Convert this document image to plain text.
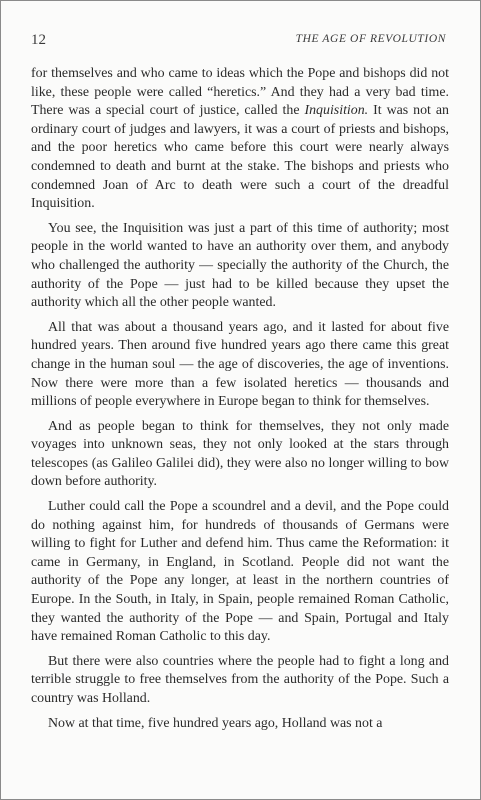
12	THE AGE OF REVOLUTION

for themselves and who came to ideas which the Pope and bishops did not like, these people were called “heretics.” And they had a very bad time. There was a special court of justice, called the Inquisition. It was not an ordinary court of judges and lawyers, it was a court of priests and bishops, and the poor heretics who came before this court were nearly always condemned to death and burnt at the stake. The bishops and priests who condemned Joan of Arc to death were such a court of the dreadful Inquisition.

You see, the Inquisition was just a part of this time of authority; most people in the world wanted to have an authority over them, and anybody who challenged the authority — specially the authority of the Church, the authority of the Pope — just had to be killed because they upset the authority which all the other people wanted.

All that was about a thousand years ago, and it lasted for about five hundred years. Then around five hundred years ago there came this great change in the human soul — the age of discoveries, the age of inventions. Now there were more than a few isolated heretics — thousands and millions of people everywhere in Europe began to think for themselves.

And as people began to think for themselves, they not only made voyages into unknown seas, they not only looked at the stars through telescopes (as Galileo Galilei did), they were also no longer willing to bow down before authority.

Luther could call the Pope a scoundrel and a devil, and the Pope could do nothing against him, for hundreds of thousands of Germans were willing to fight for Luther and defend him. Thus came the Reformation: it came in Germany, in England, in Scotland. People did not want the authority of the Pope any longer, at least in the northern countries of Europe. In the South, in Italy, in Spain, people remained Roman Catholic, they wanted the authority of the Pope — and Spain, Portugal and Italy have remained Roman Catholic to this day.

But there were also countries where the people had to fight a long and terrible struggle to free themselves from the authority of the Pope. Such a country was Holland.

Now at that time, five hundred years ago, Holland was not a
